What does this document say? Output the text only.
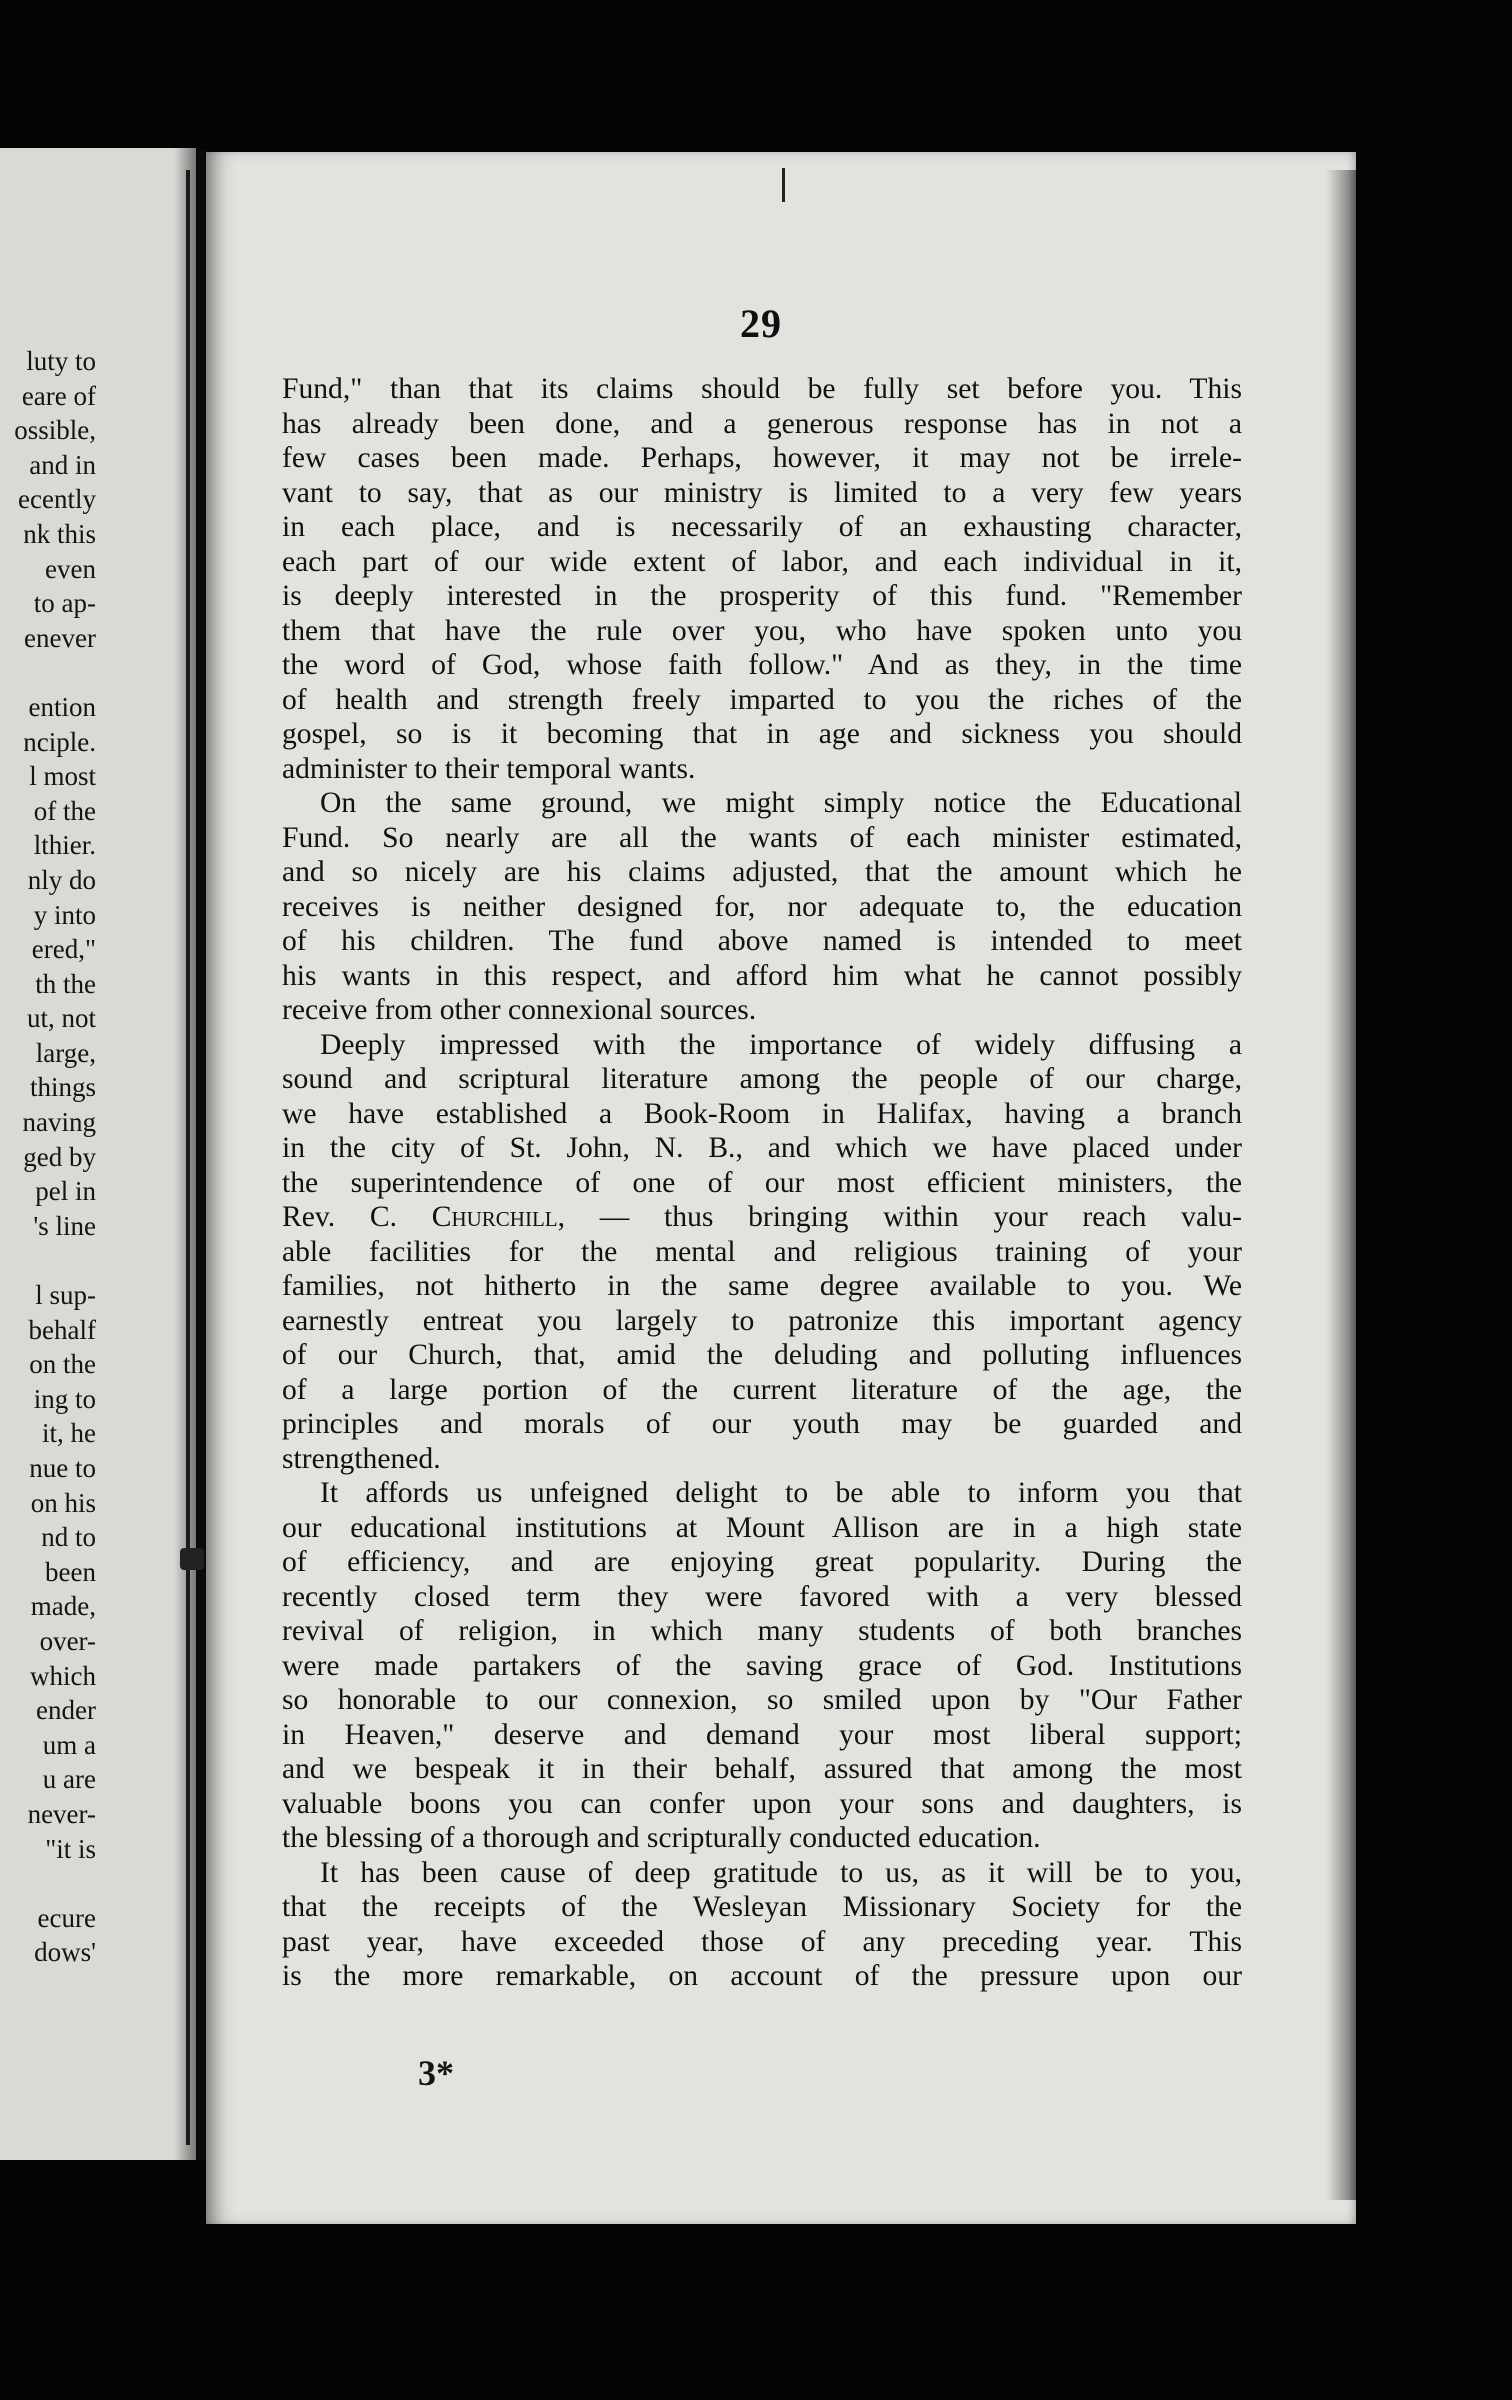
luty to
eare of
ossible,
and in
ecently
nk this
even
to ap-
enever

ention
nciple.
l most
of the
lthier.
nly do
y into
ered,"
th the
ut, not
large,
things
naving
ged by
pel in
's line

l sup-
behalf
on the
ing to
it, he
nue to
on his
nd to
been
made,
over-
which
ender
um a
u are
never-
"it is

ecure
dows'
29
Fund," than that its claims should be fully set before you. This
has already been done, and a generous response has in not a
few cases been made. Perhaps, however, it may not be irrele-
vant to say, that as our ministry is limited to a very few years
in each place, and is necessarily of an exhausting character,
each part of our wide extent of labor, and each individual in it,
is deeply interested in the prosperity of this fund. "Remember
them that have the rule over you, who have spoken unto you
the word of God, whose faith follow." And as they, in the time
of health and strength freely imparted to you the riches of the
gospel, so is it becoming that in age and sickness you should
administer to their temporal wants.
On the same ground, we might simply notice the Educational
Fund. So nearly are all the wants of each minister estimated,
and so nicely are his claims adjusted, that the amount which he
receives is neither designed for, nor adequate to, the education
of his children. The fund above named is intended to meet
his wants in this respect, and afford him what he cannot possibly
receive from other connexional sources.
Deeply impressed with the importance of widely diffusing a
sound and scriptural literature among the people of our charge,
we have established a Book-Room in Halifax, having a branch
in the city of St. John, N. B., and which we have placed under
the superintendence of one of our most efficient ministers, the
Rev. C. Churchill, — thus bringing within your reach valu-
able facilities for the mental and religious training of your
families, not hitherto in the same degree available to you. We
earnestly entreat you largely to patronize this important agency
of our Church, that, amid the deluding and polluting influences
of a large portion of the current literature of the age, the
principles and morals of our youth may be guarded and
strengthened.
It affords us unfeigned delight to be able to inform you that
our educational institutions at Mount Allison are in a high state
of efficiency, and are enjoying great popularity. During the
recently closed term they were favored with a very blessed
revival of religion, in which many students of both branches
were made partakers of the saving grace of God. Institutions
so honorable to our connexion, so smiled upon by "Our Father
in Heaven," deserve and demand your most liberal support;
and we bespeak it in their behalf, assured that among the most
valuable boons you can confer upon your sons and daughters, is
the blessing of a thorough and scripturally conducted education.
It has been cause of deep gratitude to us, as it will be to you,
that the receipts of the Wesleyan Missionary Society for the
past year, have exceeded those of any preceding year. This
is the more remarkable, on account of the pressure upon our
3*
